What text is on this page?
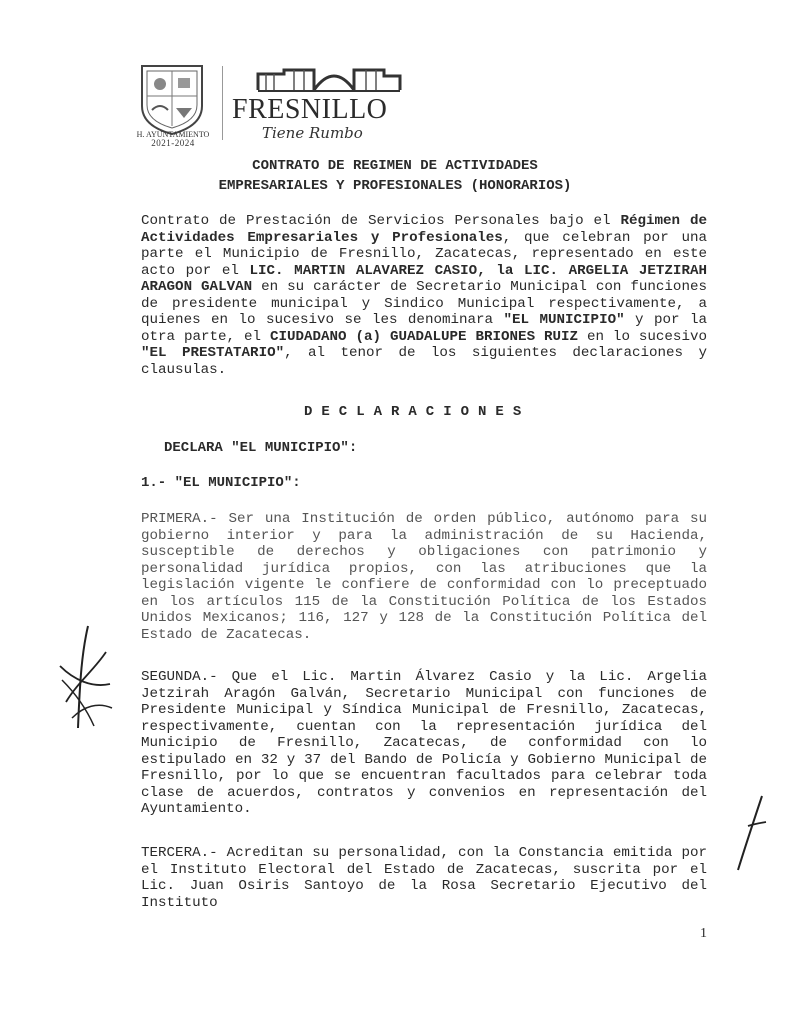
H. AYUNTAMIENTO
2021-2024
FRESNILLO
Tiene Rumbo
CONTRATO DE REGIMEN DE ACTIVIDADES
EMPRESARIALES Y PROFESIONALES (HONORARIOS)
Contrato de Prestación de Servicios Personales bajo el Régimen de Actividades Empresariales y Profesionales, que celebran por una parte el Municipio de Fresnillo, Zacatecas, representado en este acto por el LIC. MARTIN ALAVAREZ CASIO, la LIC. ARGELIA JETZIRAH ARAGON GALVAN en su carácter de Secretario Municipal con funciones de presidente municipal y Sindico Municipal respectivamente, a quienes en lo sucesivo se les denominara "EL MUNICIPIO" y por la otra parte, el CIUDADANO (a) GUADALUPE BRIONES RUIZ en lo sucesivo "EL PRESTATARIO", al tenor de los siguientes declaraciones y clausulas.
DECLARACIONES
DECLARA "EL MUNICIPIO":
1.- "EL MUNICIPIO":
PRIMERA.- Ser una Institución de orden público, autónomo para su gobierno interior y para la administración de su Hacienda, susceptible de derechos y obligaciones con patrimonio y personalidad jurídica propios, con las atribuciones que la legislación vigente le confiere de conformidad con lo preceptuado en los artículos 115 de la Constitución Política de los Estados Unidos Mexicanos; 116, 127 y 128 de la Constitución Política del Estado de Zacatecas.
SEGUNDA.- Que el Lic. Martin Álvarez Casio y la Lic. Argelia Jetzirah Aragón Galván, Secretario Municipal con funciones de Presidente Municipal y Síndica Municipal de Fresnillo, Zacatecas, respectivamente, cuentan con la representación jurídica del Municipio de Fresnillo, Zacatecas, de conformidad con lo estipulado en 32 y 37 del Bando de Policía y Gobierno Municipal de Fresnillo, por lo que se encuentran facultados para celebrar toda clase de acuerdos, contratos y convenios en representación del Ayuntamiento.
TERCERA.- Acreditan su personalidad, con la Constancia emitida por el Instituto Electoral del Estado de Zacatecas, suscrita por el Lic. Juan Osiris Santoyo de la Rosa Secretario Ejecutivo del Instituto
1
